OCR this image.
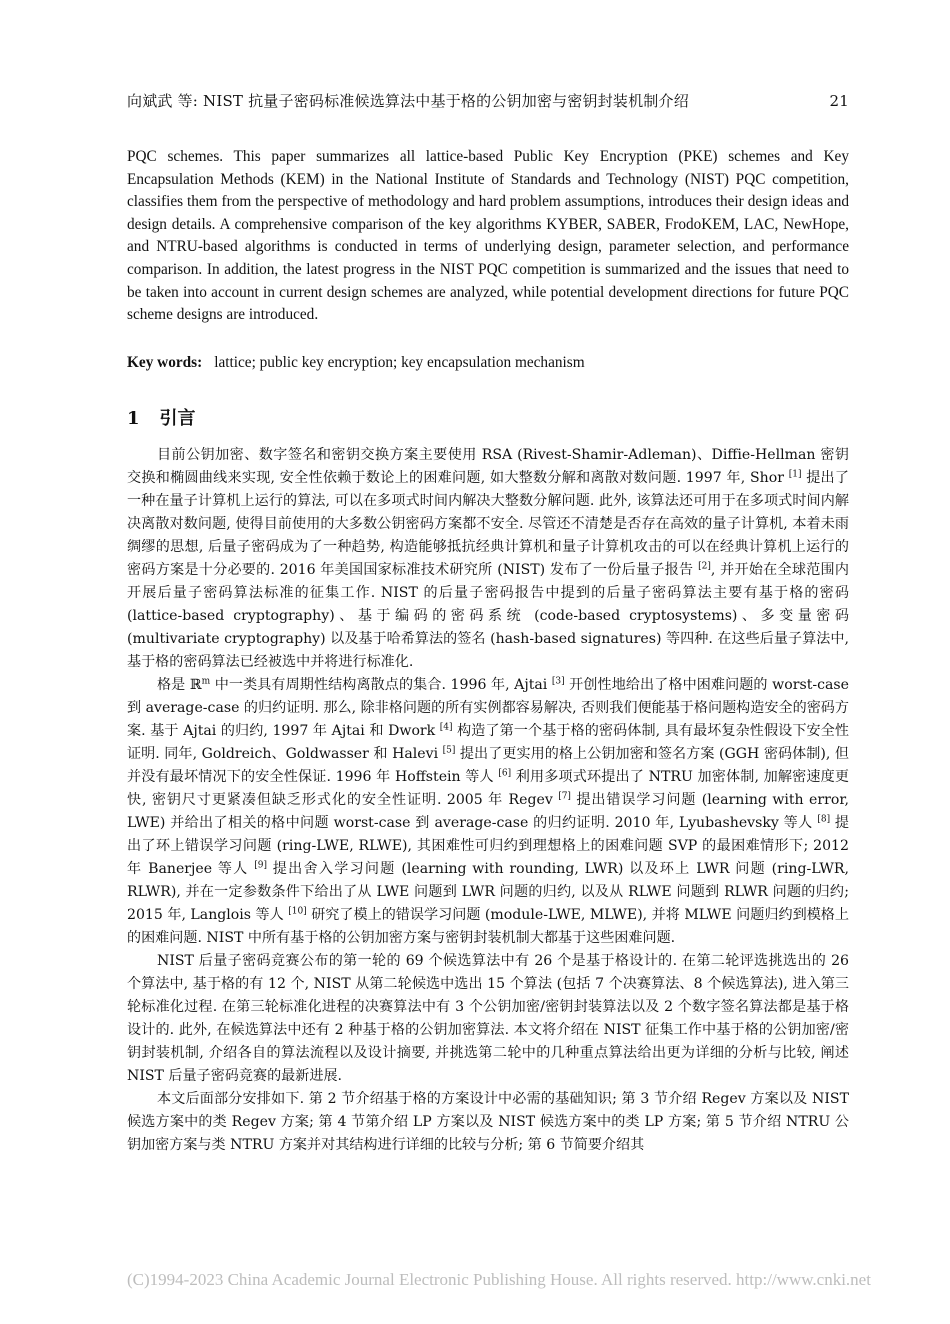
向斌武 等: NIST 抗量子密码标准候选算法中基于格的公钥加密与密钥封装机制介绍	21

PQC schemes. This paper summarizes all lattice-based Public Key Encryption (PKE) schemes and Key Encapsulation Methods (KEM) in the National Institute of Standards and Technology (NIST) PQC competition, classifies them from the perspective of methodology and hard problem assumptions, introduces their design ideas and design details. A comprehensive comparison of the key algorithms KYBER, SABER, FrodoKEM, LAC, NewHope, and NTRU-based algorithms is conducted in terms of underlying design, parameter selection, and performance comparison. In addition, the latest progress in the NIST PQC competition is summarized and the issues that need to be taken into account in current design schemes are analyzed, while potential development directions for future PQC scheme designs are introduced.

Key words: lattice; public key encryption; key encapsulation mechanism

1 引言

目前公钥加密、数字签名和密钥交换方案主要使用 RSA (Rivest-Shamir-Adleman)、Diffie-Hellman 密钥交换和椭圆曲线来实现, 安全性依赖于数论上的困难问题, 如大整数分解和离散对数问题. 1997 年, Shor [1] 提出了一种在量子计算机上运行的算法, 可以在多项式时间内解决大整数分解问题. 此外, 该算法还可用于在多项式时间内解决离散对数问题, 使得目前使用的大多数公钥密码方案都不安全. 尽管还不清楚是否存在高效的量子计算机, 本着未雨绸缪的思想, 后量子密码成为了一种趋势, 构造能够抵抗经典计算机和量子计算机攻击的可以在经典计算机上运行的密码方案是十分必要的. 2016 年美国国家标准技术研究所 (NIST) 发布了一份后量子报告 [2], 并开始在全球范围内开展后量子密码算法标准的征集工作. NIST 的后量子密码报告中提到的后量子密码算法主要有基于格的密码 (lattice-based cryptography)、基于编码的密码系统 (code-based cryptosystems)、多变量密码 (multivariate cryptography) 以及基于哈希算法的签名 (hash-based signatures) 等四种. 在这些后量子算法中, 基于格的密码算法已经被选中并将进行标准化.

格是 ℝ$^m$ 中一类具有周期性结构离散点的集合. 1996 年, Ajtai [3] 开创性地给出了格中困难问题的 worst-case 到 average-case 的归约证明. 那么, 除非格问题的所有实例都容易解决, 否则我们便能基于格问题构造安全的密码方案. 基于 Ajtai 的归约, 1997 年 Ajtai 和 Dwork [4] 构造了第一个基于格的密码体制, 具有最坏复杂性假设下安全性证明. 同年, Goldreich、Goldwasser 和 Halevi [5] 提出了更实用的格上公钥加密和签名方案 (GGH 密码体制), 但并没有最坏情况下的安全性保证. 1996 年 Hoffstein 等人 [6] 利用多项式环提出了 NTRU 加密体制, 加解密速度更快, 密钥尺寸更紧凑但缺乏形式化的安全性证明. 2005 年 Regev [7] 提出错误学习问题 (learning with error, LWE) 并给出了相关的格中问题 worst-case 到 average-case 的归约证明. 2010 年, Lyubashevsky 等人 [8] 提出了环上错误学习问题 (ring-LWE, RLWE), 其困难性可归约到理想格上的困难问题 SVP 的最困难情形下; 2012 年 Banerjee 等人 [9] 提出舍入学习问题 (learning with rounding, LWR) 以及环上 LWR 问题 (ring-LWR, RLWR), 并在一定参数条件下给出了从 LWE 问题到 LWR 问题的归约, 以及从 RLWE 问题到 RLWR 问题的归约; 2015 年, Langlois 等人 [10] 研究了模上的错误学习问题 (module-LWE, MLWE), 并将 MLWE 问题归约到模格上的困难问题. NIST 中所有基于格的公钥加密方案与密钥封装机制大都基于这些困难问题.

NIST 后量子密码竞赛公布的第一轮的 69 个候选算法中有 26 个是基于格设计的. 在第二轮评选挑选出的 26 个算法中, 基于格的有 12 个, NIST 从第二轮候选中选出 15 个算法 (包括 7 个决赛算法、8 个候选算法), 进入第三轮标准化过程. 在第三轮标准化进程的决赛算法中有 3 个公钥加密/密钥封装算法以及 2 个数字签名算法都是基于格设计的. 此外, 在候选算法中还有 2 种基于格的公钥加密算法. 本文将介绍在 NIST 征集工作中基于格的公钥加密/密钥封装机制, 介绍各自的算法流程以及设计摘要, 并挑选第二轮中的几种重点算法给出更为详细的分析与比较, 阐述 NIST 后量子密码竞赛的最新进展.

本文后面部分安排如下. 第 2 节介绍基于格的方案设计中必需的基础知识; 第 3 节介绍 Regev 方案以及 NIST 候选方案中的类 Regev 方案; 第 4 节第介绍 LP 方案以及 NIST 候选方案中的类 LP 方案; 第 5 节介绍 NTRU 公钥加密方案与类 NTRU 方案并对其结构进行详细的比较与分析; 第 6 节简要介绍其

(C)1994-2023 China Academic Journal Electronic Publishing House. All rights reserved. http://www.cnki.net
